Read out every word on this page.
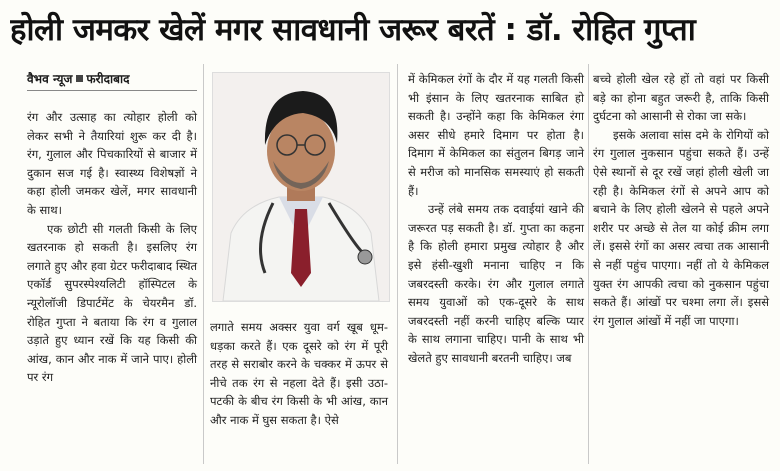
होली जमकर खेलें मगर सावधानी जरूर बरतें : डॉ. रोहित गुप्ता
वैभव न्यूज फरीदाबाद

रंग और उत्साह का त्योहार होली को लेकर सभी ने तैयारियां शुरू कर दी है। रंग, गुलाल और पिचकारियों से बाजार में दुकान सज गई है। स्वास्थ्य विशेषज्ञों ने कहा होली जमकर खेलें, मगर सावधानी के साथ।

एक छोटी सी गलती किसी के लिए खतरनाक हो सकती है। इसलिए रंग लगाते हुए और हवा ग्रेटर फरीदाबाद स्थित एकॉर्ड सुपरस्पेश्यलिटी हॉस्पिटल के न्यूरोलॉजी डिपार्टमेंट के चेयरमैन डॉ. रोहित गुप्ता ने बताया कि रंग व गुलाल उड़ाते हुए ध्यान रखें कि यह किसी की आंख, कान और नाक में जाने पाए। होली पर रंग

लगाते समय अक्सर युवा वर्ग खूब धूम-धड़का करते हैं। एक दूसरे को रंग में पूरी तरह से सराबोर करने के चक्कर में ऊपर से नीचे तक रंग से नहला देते हैं। इसी उठा-पटकी के बीच रंग किसी के भी आंख, कान और नाक में घुस सकता है। ऐसे

में केमिकल रंगों के दौर में यह गलती किसी भी इंसान के लिए खतरनाक साबित हो सकती है। उन्होंने कहा कि केमिकल रंगा असर सीधे हमारे दिमाग पर होता है। दिमाग में केमिकल का संतुलन बिगड़ जाने से मरीज को मानसिक समस्याएं हो सकती हैं।

उन्हें लंबे समय तक दवाईयां खाने की जरूरत पड़ सकती है। डॉ. गुप्ता का कहना है कि होली हमारा प्रमुख त्योहार है और इसे हंसी-खुशी मनाना चाहिए न कि जबरदस्ती करके। रंग और गुलाल लगाते समय युवाओं को एक-दूसरे के साथ जबरदस्ती नहीं करनी चाहिए बल्कि प्यार के साथ लगाना चाहिए। पानी के साथ भी खेलते हुए सावधानी बरतनी चाहिए। जब

बच्चे होली खेल रहे हों तो वहां पर किसी बड़े का होना बहुत जरूरी है, ताकि किसी दुर्घटना को आसानी से रोका जा सके।

इसके अलावा सांस दमे के रोगियों को रंग गुलाल नुकसान पहुंचा सकते हैं। उन्हें ऐसे स्थानों से दूर रखें जहां होली खेली जा रही है। केमिकल रंगों से अपने आप को बचाने के लिए होली खेलने से पहले अपने शरीर पर अच्छे से तेल या कोई क्रीम लगा लें। इससे रंगों का असर त्वचा तक आसानी से नहीं पहुंच पाएगा। नहीं तो ये केमिकल युक्त रंग आपकी त्वचा को नुकसान पहुंचा सकते हैं। आंखों पर चश्मा लगा लें। इससे रंग गुलाल आंखों में नहीं जा पाएगा।
